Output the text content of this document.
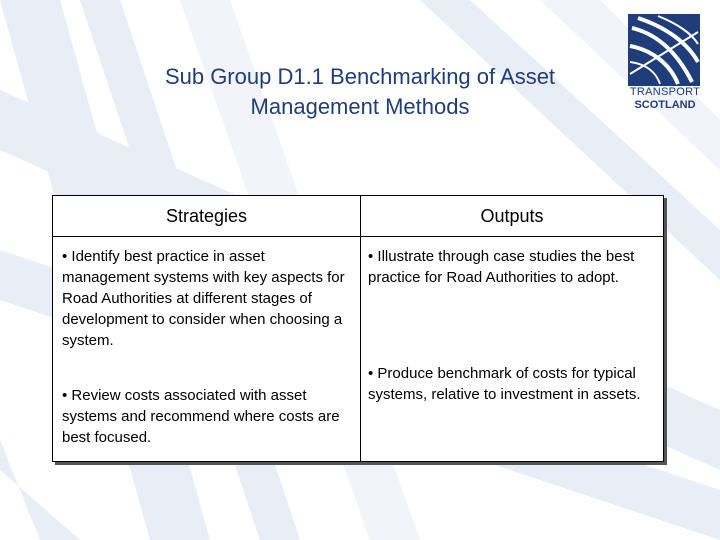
Sub Group D1.1 Benchmarking of Asset
Management Methods
TRANSPORT
SCOTLAND
Strategies
• Identify best practice in asset management systems with key aspects for Road Authorities at different stages of development to consider when choosing a system.
• Review costs associated with asset systems and recommend where costs are best focused.
Outputs
• Illustrate through case studies the best practice for Road Authorities to adopt.
• Produce benchmark of costs for typical systems, relative to investment in assets.
